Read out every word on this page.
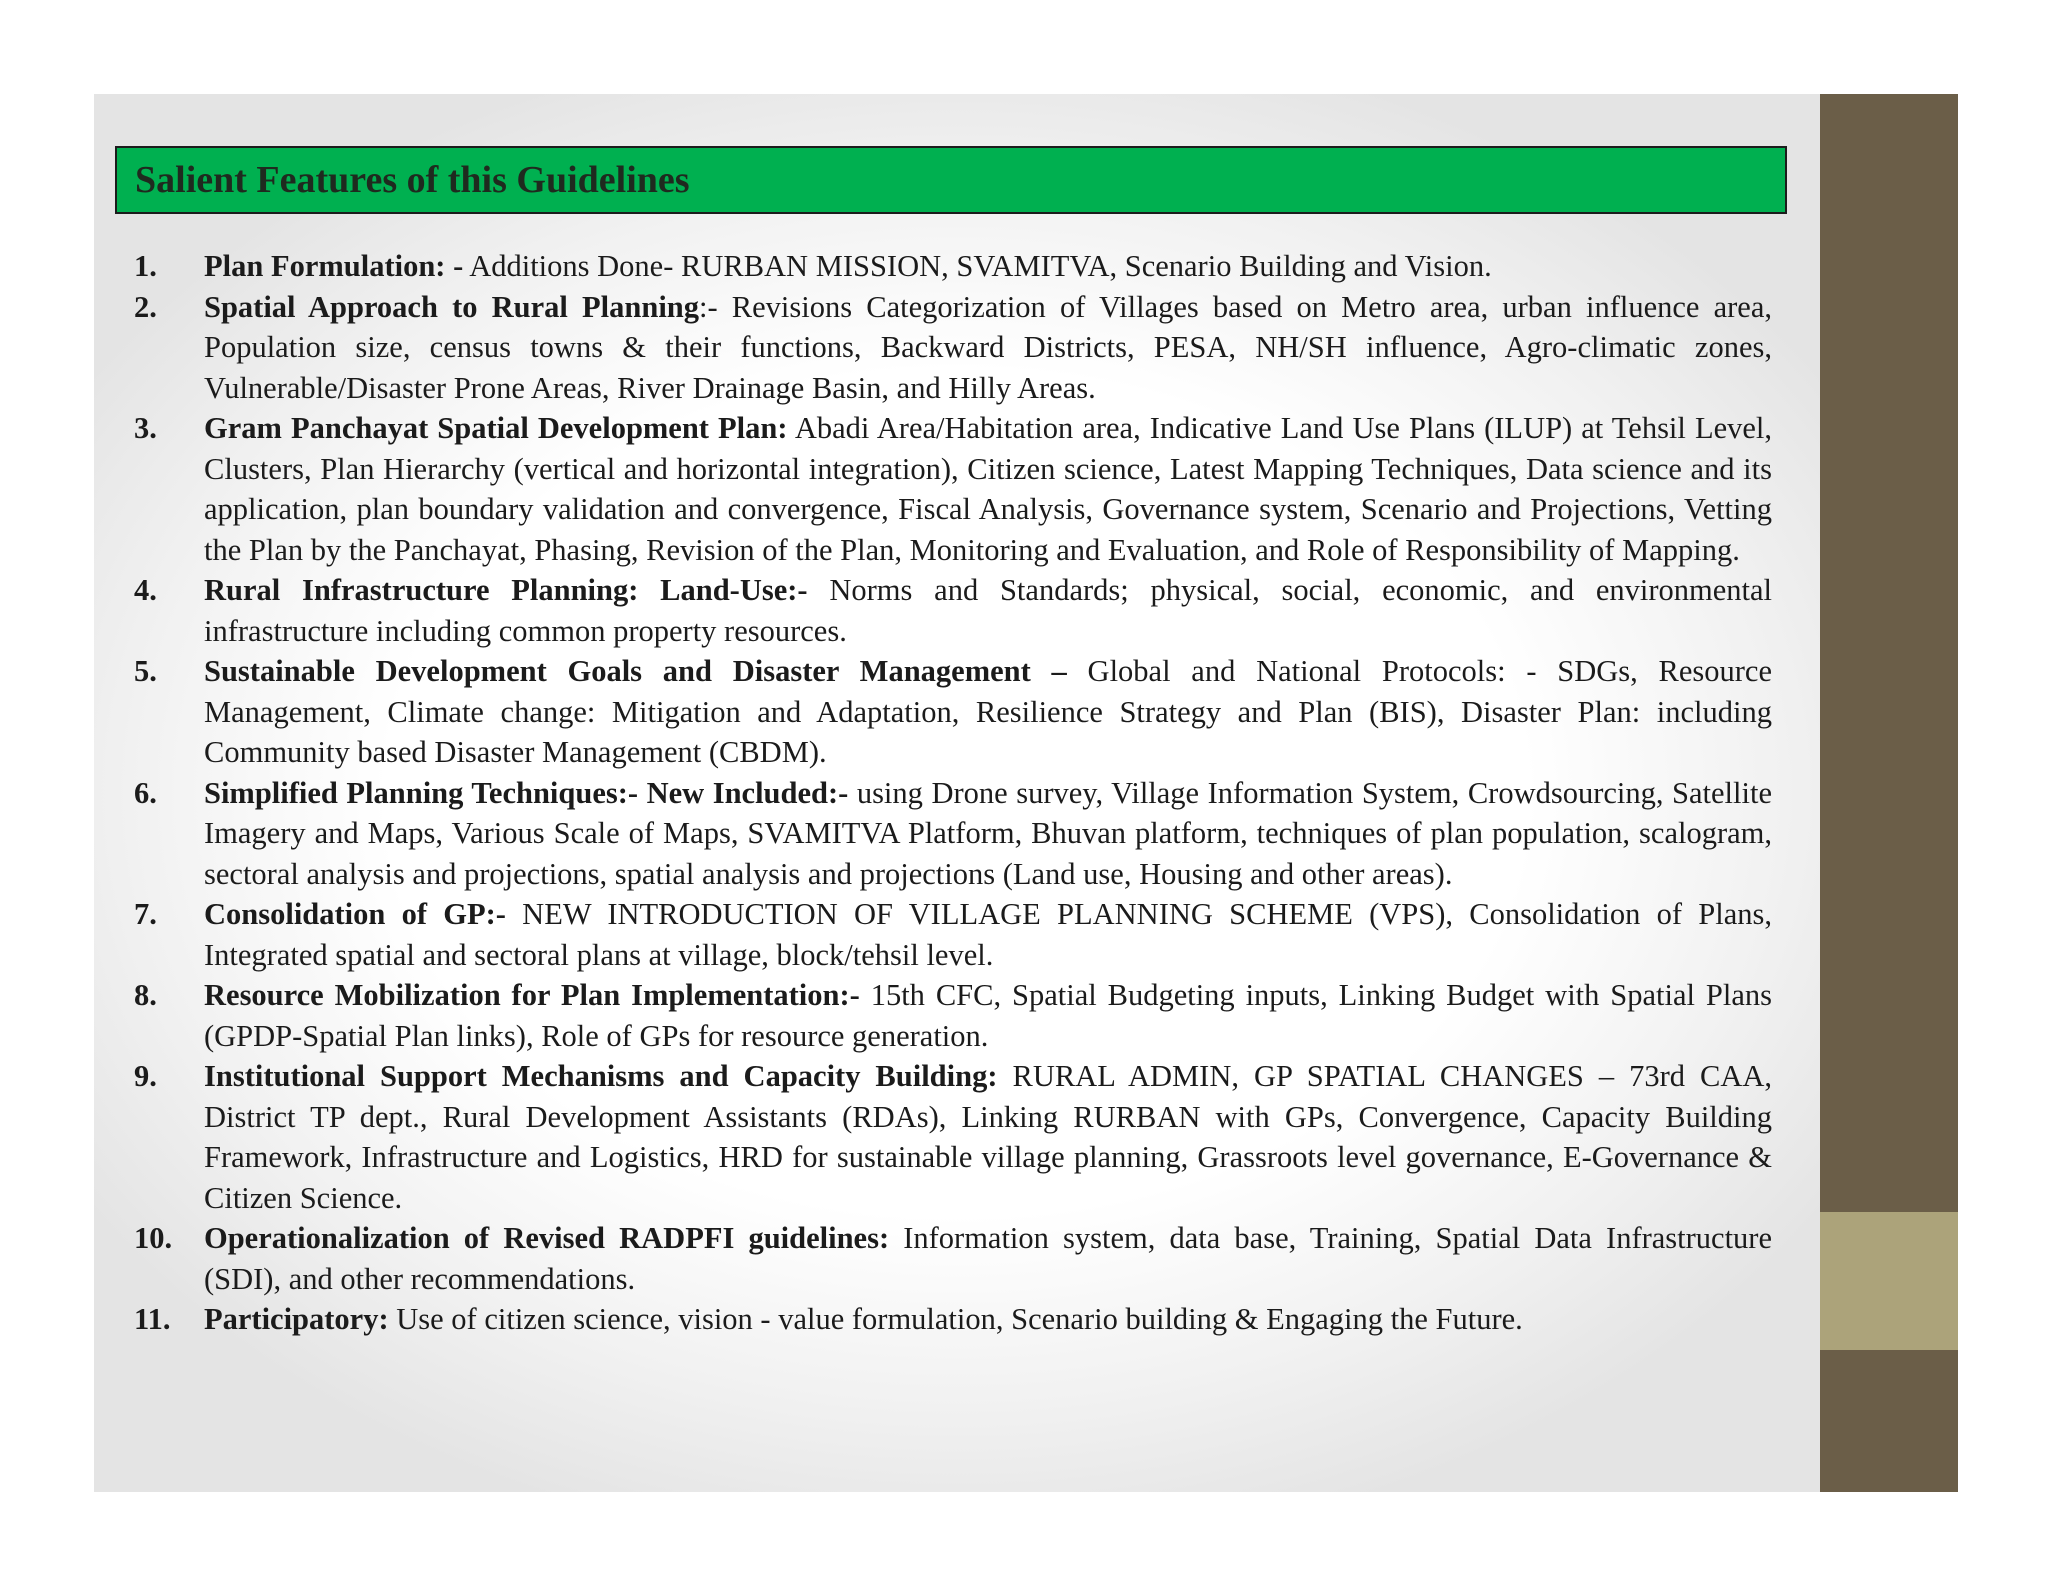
Salient Features of this Guidelines
1. Plan Formulation: - Additions Done- RURBAN MISSION, SVAMITVA, Scenario Building and Vision.
2. Spatial Approach to Rural Planning:- Revisions Categorization of Villages based on Metro area, urban influence area, Population size, census towns & their functions, Backward Districts, PESA, NH/SH influence, Agro-climatic zones, Vulnerable/Disaster Prone Areas, River Drainage Basin, and Hilly Areas.
3. Gram Panchayat Spatial Development Plan: Abadi Area/Habitation area, Indicative Land Use Plans (ILUP) at Tehsil Level, Clusters, Plan Hierarchy (vertical and horizontal integration), Citizen science, Latest Mapping Techniques, Data science and its application, plan boundary validation and convergence, Fiscal Analysis, Governance system, Scenario and Projections, Vetting the Plan by the Panchayat, Phasing, Revision of the Plan, Monitoring and Evaluation, and Role of Responsibility of Mapping.
4. Rural Infrastructure Planning: Land-Use:- Norms and Standards; physical, social, economic, and environmental infrastructure including common property resources.
5. Sustainable Development Goals and Disaster Management – Global and National Protocols: - SDGs, Resource Management, Climate change: Mitigation and Adaptation, Resilience Strategy and Plan (BIS), Disaster Plan: including Community based Disaster Management (CBDM).
6. Simplified Planning Techniques:- New Included:- using Drone survey, Village Information System, Crowdsourcing, Satellite Imagery and Maps, Various Scale of Maps, SVAMITVA Platform, Bhuvan platform, techniques of plan population, scalogram, sectoral analysis and projections, spatial analysis and projections (Land use, Housing and other areas).
7. Consolidation of GP:- NEW INTRODUCTION OF VILLAGE PLANNING SCHEME (VPS), Consolidation of Plans, Integrated spatial and sectoral plans at village, block/tehsil level.
8. Resource Mobilization for Plan Implementation:- 15th CFC, Spatial Budgeting inputs, Linking Budget with Spatial Plans (GPDP-Spatial Plan links), Role of GPs for resource generation.
9. Institutional Support Mechanisms and Capacity Building: RURAL ADMIN, GP SPATIAL CHANGES – 73rd CAA, District TP dept., Rural Development Assistants (RDAs), Linking RURBAN with GPs, Convergence, Capacity Building Framework, Infrastructure and Logistics, HRD for sustainable village planning, Grassroots level governance, E-Governance & Citizen Science.
10. Operationalization of Revised RADPFI guidelines: Information system, data base, Training, Spatial Data Infrastructure (SDI), and other recommendations.
11. Participatory: Use of citizen science, vision - value formulation, Scenario building & Engaging the Future.
